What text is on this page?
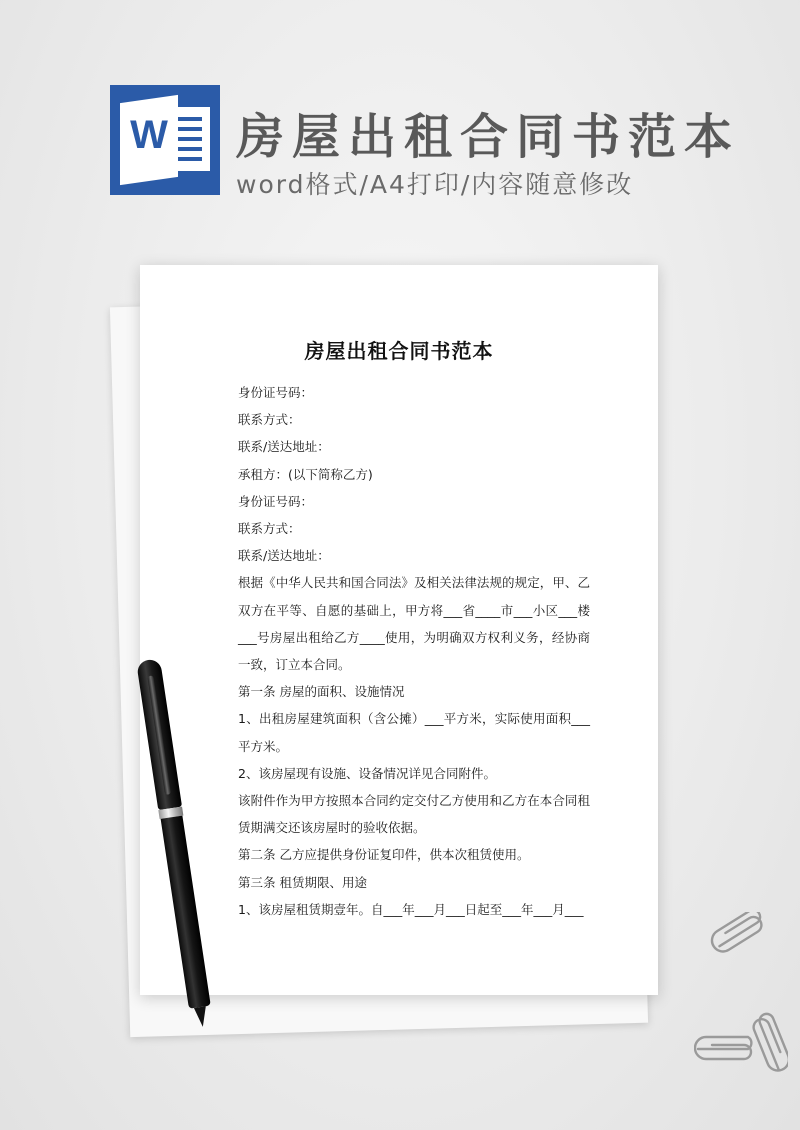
W 房屋出租合同书范本
word格式/A4打印/内容随意修改
房屋出租合同书范本

身份证号码：

联系方式：

联系/送达地址：

承租方：(以下简称乙方)

身份证号码：

联系方式：

联系/送达地址：

根据《中华人民共和国合同法》及相关法律法规的规定，甲、乙双方在平等、自愿的基础上，甲方将___省____市___小区___楼___号房屋出租给乙方____使用，为明确双方权利义务，经协商一致，订立本合同。

第一条 房屋的面积、设施情况

1、出租房屋建筑面积（含公摊）___平方米，实际使用面积___平方米。

2、该房屋现有设施、设备情况详见合同附件。

该附件作为甲方按照本合同约定交付乙方使用和乙方在本合同租赁期满交还该房屋时的验收依据。

第二条 乙方应提供身份证复印件，供本次租赁使用。

第三条 租赁期限、用途

1、该房屋租赁期壹年。自___年___月___日起至___年___月___
